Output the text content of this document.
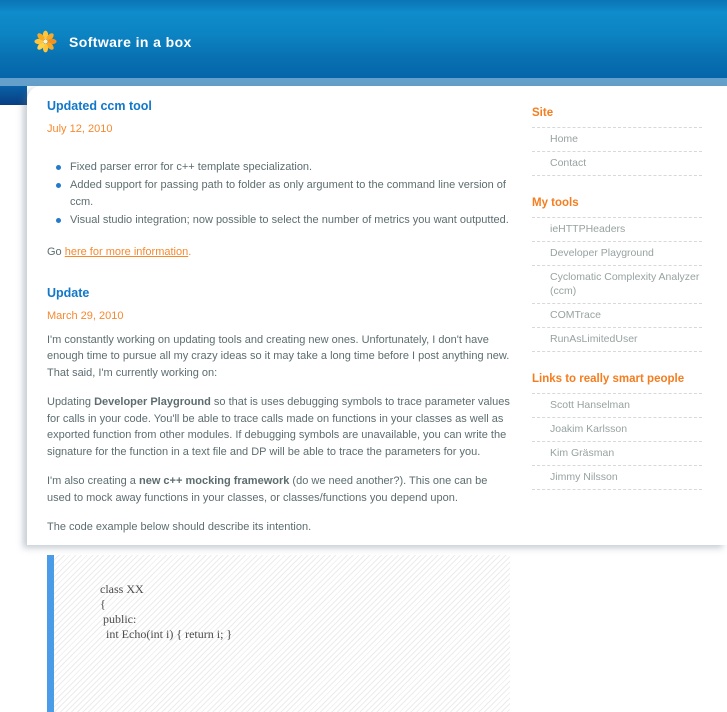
Software in a box
Updated ccm tool
July 12, 2010
Fixed parser error for c++ template specialization.
Added support for passing path to folder as only argument to the command line version of ccm.
Visual studio integration; now possible to select the number of metrics you want outputted.

Go here for more information.

Update
March 29, 2010

I'm constantly working on updating tools and creating new ones. Unfortunately, I don't have enough time to pursue all my crazy ideas so it may take a long time before I post anything new. That said, I'm currently working on:

Updating Developer Playground so that is uses debugging symbols to trace parameter values for calls in your code. You'll be able to trace calls made on functions in your classes as well as exported function from other modules. If debugging symbols are unavailable, you can write the signature for the function in a text file and DP will be able to trace the parameters for you.

I'm also creating a new c++ mocking framework (do we need another?). This one can be used to mock away functions in your classes, or classes/functions you depend upon.

The code example below should describe its intention.

class XX
{
public:
int Echo(int i) { return i; }
Site
Home
Contact
My tools
ieHTTPHeaders
Developer Playground
Cyclomatic Complexity Analyzer (ccm)
COMTrace
RunAsLimitedUser
Links to really smart people
Scott Hanselman
Joakim Karlsson
Kim Gräsman
Jimmy Nilsson
